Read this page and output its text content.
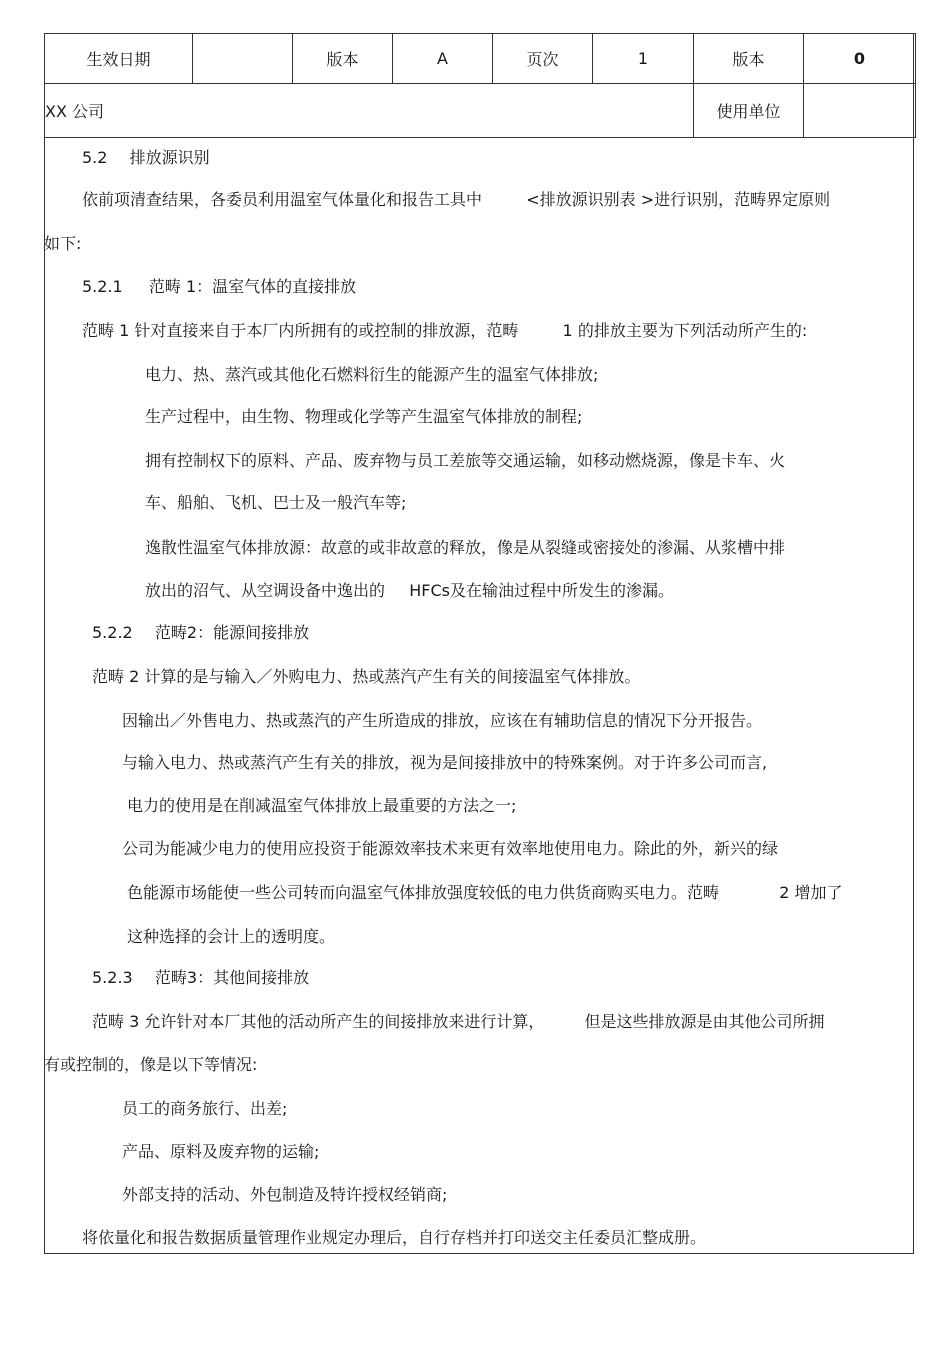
生效日期		版本	A	页次	1	版本	0
XX 公司						使用单位	
5.2 排放源识别
依前项清查结果，各委员利用温室气体量化和报告工具中	<排放源识别表 >进行识别，范畴界定原则
如下:
5.2.1 范畴 1：温室气体的直接排放
范畴 1 针对直接来自于本厂内所拥有的或控制的排放源，范畴	1 的排放主要为下列活动所产生的:
电力、热、蒸汽或其他化石燃料衍生的能源产生的温室气体排放;
生产过程中，由生物、物理或化学等产生温室气体排放的制程;
拥有控制权下的原料、产品、废弃物与员工差旅等交通运输，如移动燃烧源，像是卡车、火
车、船舶、飞机、巴士及一般汽车等;
逸散性温室气体排放源：故意的或非故意的释放，像是从裂缝或密接处的渗漏、从浆槽中排
放出的沼气、从空调设备中逸出的 HFCs及在输油过程中所发生的渗漏。
5.2.2 范畴2：能源间接排放
范畴 2 计算的是与输入／外购电力、热或蒸汽产生有关的间接温室气体排放。
因输出／外售电力、热或蒸汽的产生所造成的排放，应该在有辅助信息的情况下分开报告。
与输入电力、热或蒸汽产生有关的排放，视为是间接排放中的特殊案例。对于许多公司而言,
电力的使用是在削减温室气体排放上最重要的方法之一;
公司为能减少电力的使用应投资于能源效率技术来更有效率地使用电力。除此的外，新兴的绿
色能源市场能使一些公司转而向温室气体排放强度较低的电力供货商购买电力。范畴	2 增加了
这种选择的会计上的透明度。
5.2.3 范畴3：其他间接排放
范畴 3 允许针对本厂其他的活动所产生的间接排放来进行计算，	但是这些排放源是由其他公司所拥
有或控制的，像是以下等情况:
员工的商务旅行、出差;
产品、原料及废弃物的运输;
外部支持的活动、外包制造及特许授权经销商;
将依量化和报告数据质量管理作业规定办理后，自行存档并打印送交主任委员汇整成册。
